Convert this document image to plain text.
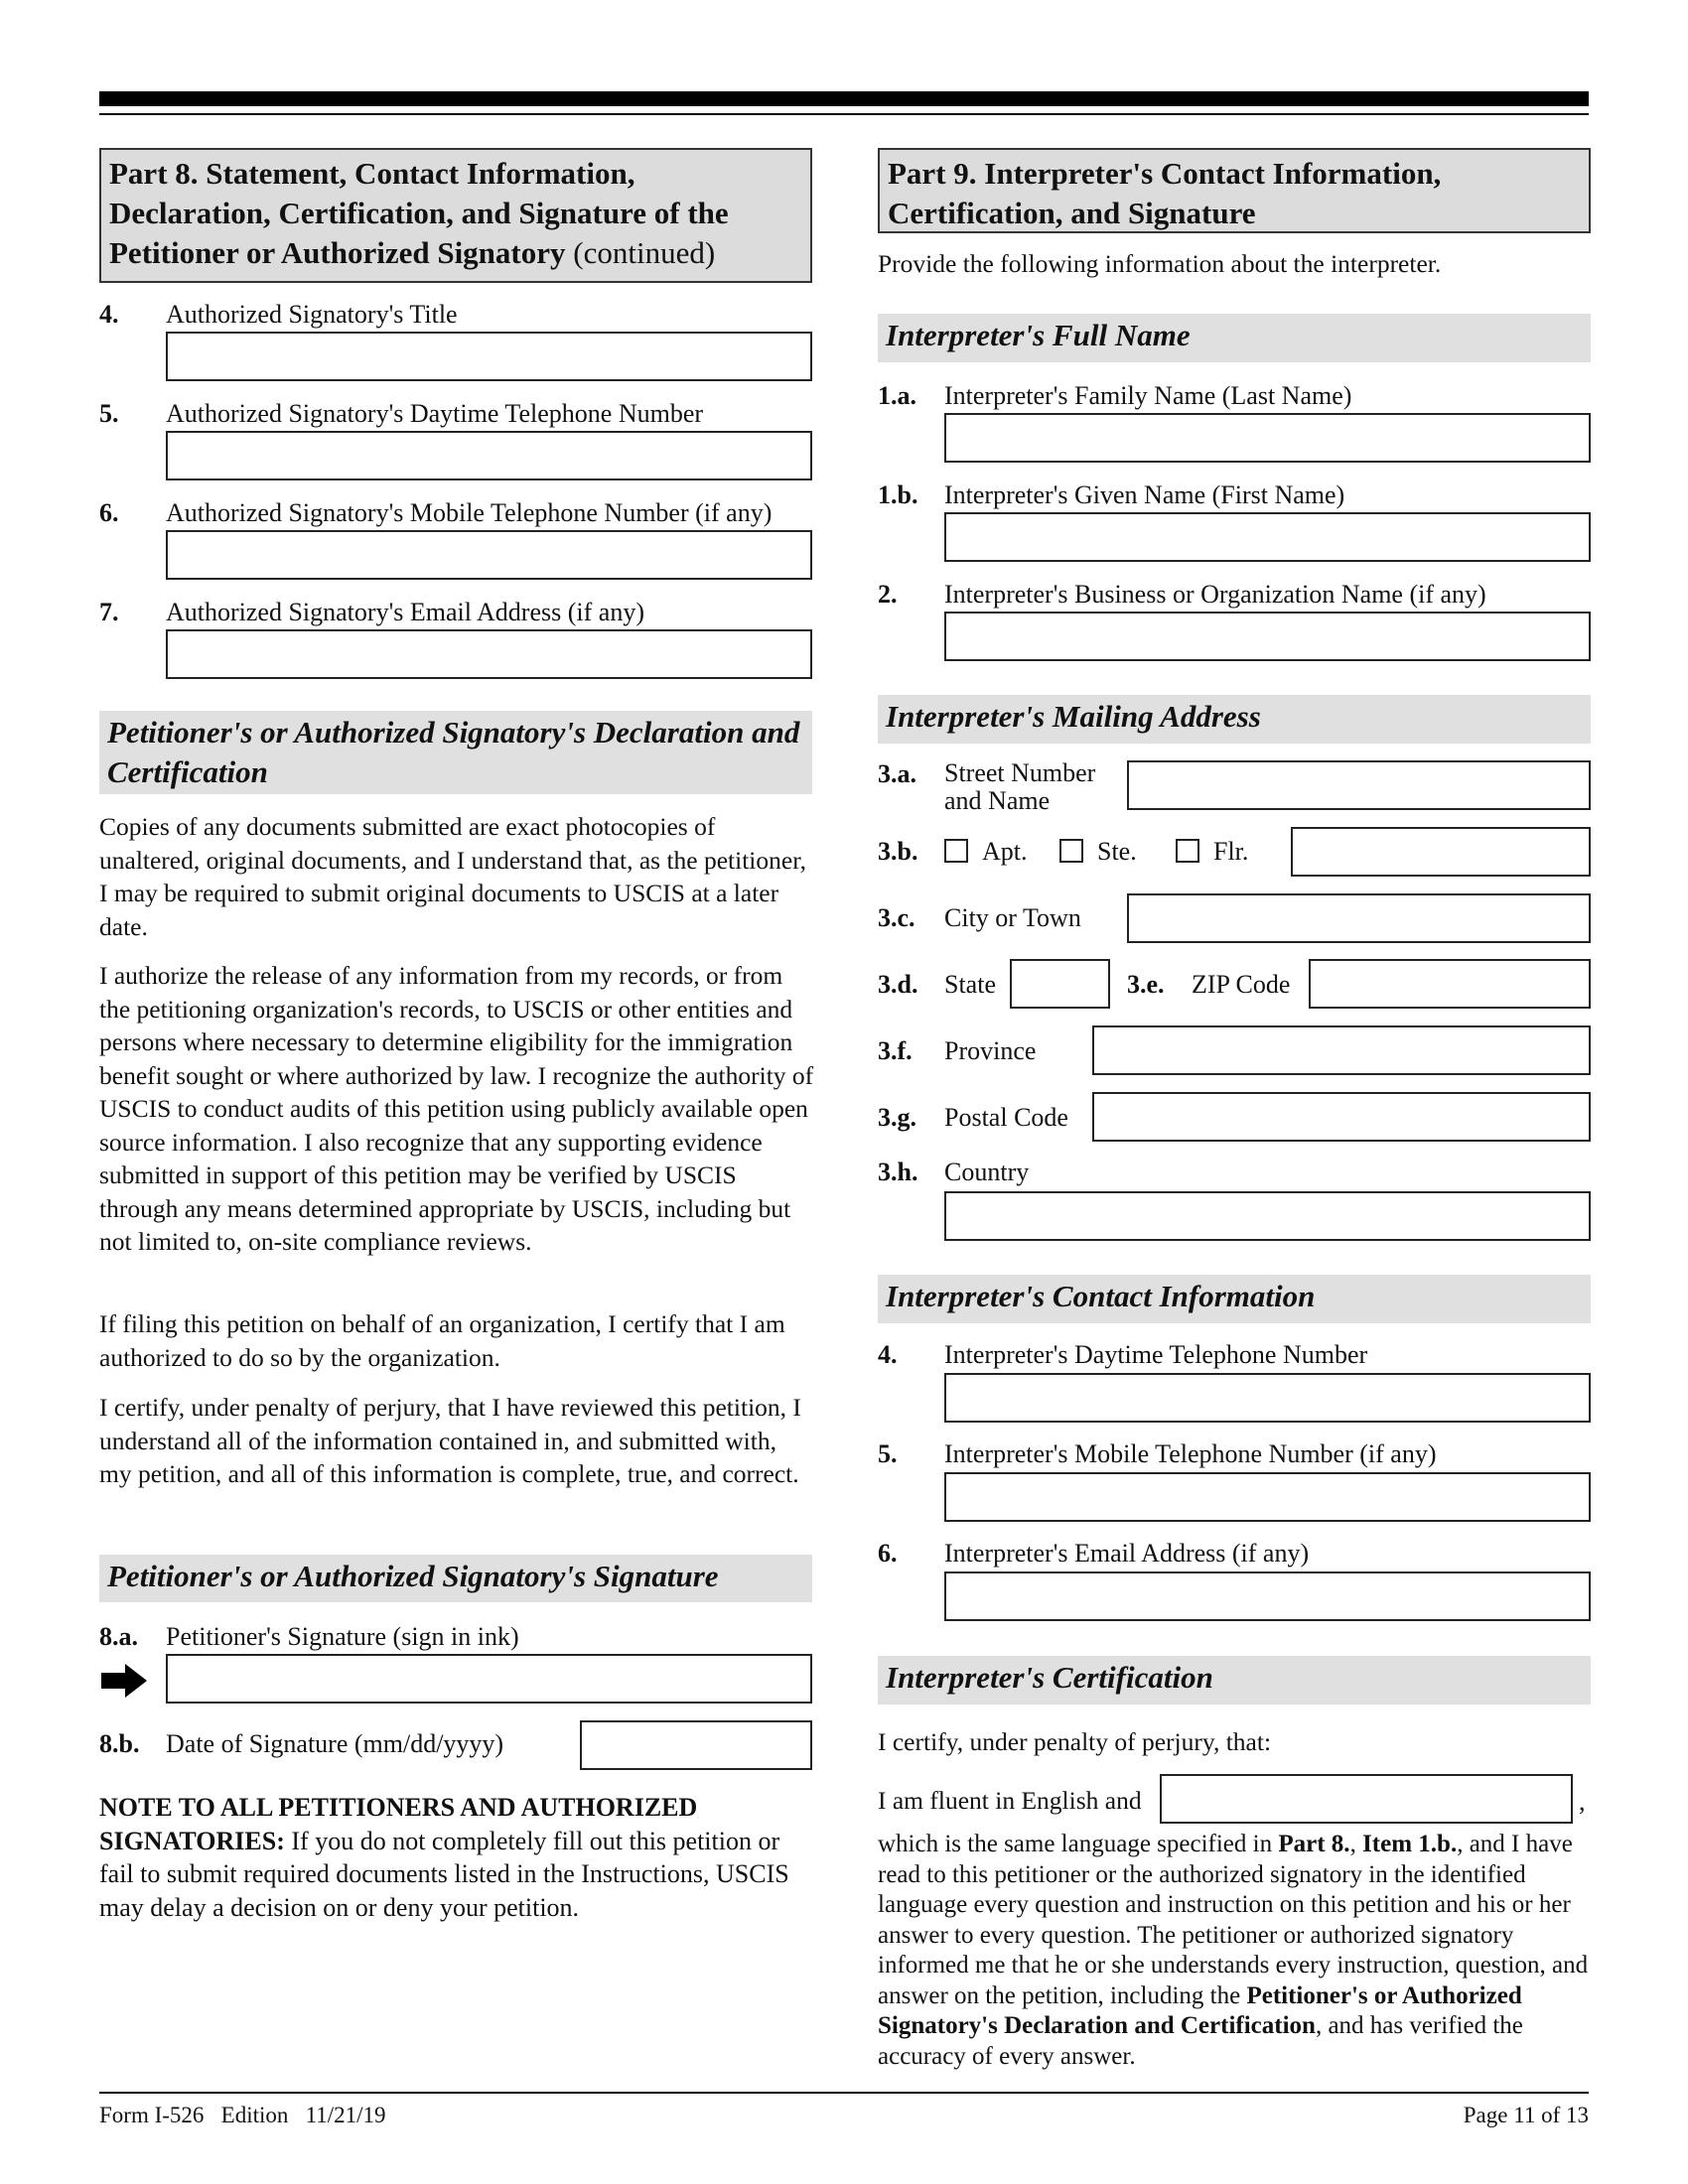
Part 8. Statement, Contact Information, Declaration, Certification, and Signature of the Petitioner or Authorized Signatory (continued)
4. Authorized Signatory's Title
5. Authorized Signatory's Daytime Telephone Number
6. Authorized Signatory's Mobile Telephone Number (if any)
7. Authorized Signatory's Email Address (if any)
Petitioner's or Authorized Signatory's Declaration and Certification
Copies of any documents submitted are exact photocopies of unaltered, original documents, and I understand that, as the petitioner, I may be required to submit original documents to USCIS at a later date.
I authorize the release of any information from my records, or from the petitioning organization's records, to USCIS or other entities and persons where necessary to determine eligibility for the immigration benefit sought or where authorized by law. I recognize the authority of USCIS to conduct audits of this petition using publicly available open source information. I also recognize that any supporting evidence submitted in support of this petition may be verified by USCIS through any means determined appropriate by USCIS, including but not limited to, on-site compliance reviews.
If filing this petition on behalf of an organization, I certify that I am authorized to do so by the organization.
I certify, under penalty of perjury, that I have reviewed this petition, I understand all of the information contained in, and submitted with, my petition, and all of this information is complete, true, and correct.
Petitioner's or Authorized Signatory's Signature
8.a. Petitioner's Signature (sign in ink)
8.b. Date of Signature (mm/dd/yyyy)
NOTE TO ALL PETITIONERS AND AUTHORIZED SIGNATORIES: If you do not completely fill out this petition or fail to submit required documents listed in the Instructions, USCIS may delay a decision on or deny your petition.
Part 9. Interpreter's Contact Information, Certification, and Signature
Provide the following information about the interpreter.
Interpreter's Full Name
1.a. Interpreter's Family Name (Last Name)
1.b. Interpreter's Given Name (First Name)
2. Interpreter's Business or Organization Name (if any)
Interpreter's Mailing Address
3.a. Street Number
and Name
3.b. Apt.	Ste.	Flr.
3.c. City or Town
3.d. State	3.e. ZIP Code
3.f. Province
3.g. Postal Code
3.h. Country
Interpreter's Contact Information
4. Interpreter's Daytime Telephone Number
5. Interpreter's Mobile Telephone Number (if any)
6. Interpreter's Email Address (if any)
Interpreter's Certification
I certify, under penalty of perjury, that:
I am fluent in English and	,
which is the same language specified in Part 8., Item 1.b., and I have read to this petitioner or the authorized signatory in the identified language every question and instruction on this petition and his or her answer to every question. The petitioner or authorized signatory informed me that he or she understands every instruction, question, and answer on the petition, including the Petitioner's or Authorized Signatory's Declaration and Certification, and has verified the accuracy of every answer.
Form I-526   Edition   11/21/19	Page 11 of 13
